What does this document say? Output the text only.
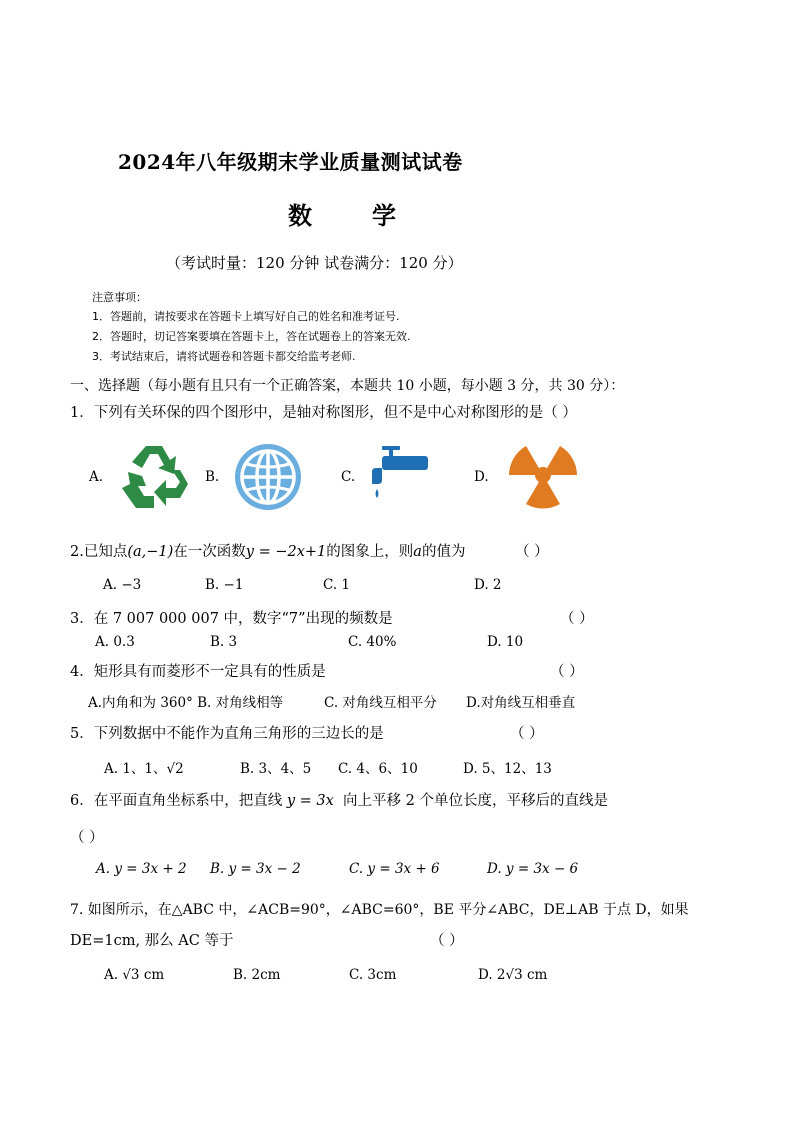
2024年八年级期末学业质量测试试卷
数	学
（考试时量：120 分钟 试卷满分：120 分）
注意事项：
1．答题前，请按要求在答题卡上填写好自己的姓名和准考证号.
2．答题时，切记答案要填在答题卡上，答在试题卷上的答案无效.
3．考试结束后，请将试题卷和答题卡都交给监考老师.
一、选择题（每小题有且只有一个正确答案，本题共 10 小题，每小题 3 分，共 30 分）：
1．下列有关环保的四个图形中，是轴对称图形，但不是中心对称图形的是（ ）
A.	B.	C.	D.
2.已知点(a,−1)在一次函数y = −2x+1的图象上，则a的值为	（ ）
A. −3	B. −1	C. 1	D. 2
3．在 7 007 000 007 中，数字“7”出现的频数是	（ ）
A. 0.3	B. 3	C. 40%	D. 10
4．矩形具有而菱形不一定具有的性质是	（ ）
A.内角和为 360° B. 对角线相等	C. 对角线互相平分 D.对角线互相垂直
5．下列数据中不能作为直角三角形的三边长的是	（ ）
A. 1、1、√2	B. 3、4、5 C. 4、6、10	D. 5、12、13
6．在平面直角坐标系中，把直线 y = 3x 向上平移 2 个单位长度，平移后的直线是
（ ）
A. y = 3x + 2 B. y = 3x − 2	C. y = 3x + 6	D. y = 3x − 6
7. 如图所示，在△ABC 中，∠ACB=90°，∠ABC=60°，BE 平分∠ABC，DE⊥AB 于点 D，如果
DE=1cm, 那么 AC 等于	（ ）
A. √3 cm	B. 2cm	C. 3cm	D. 2√3 cm
